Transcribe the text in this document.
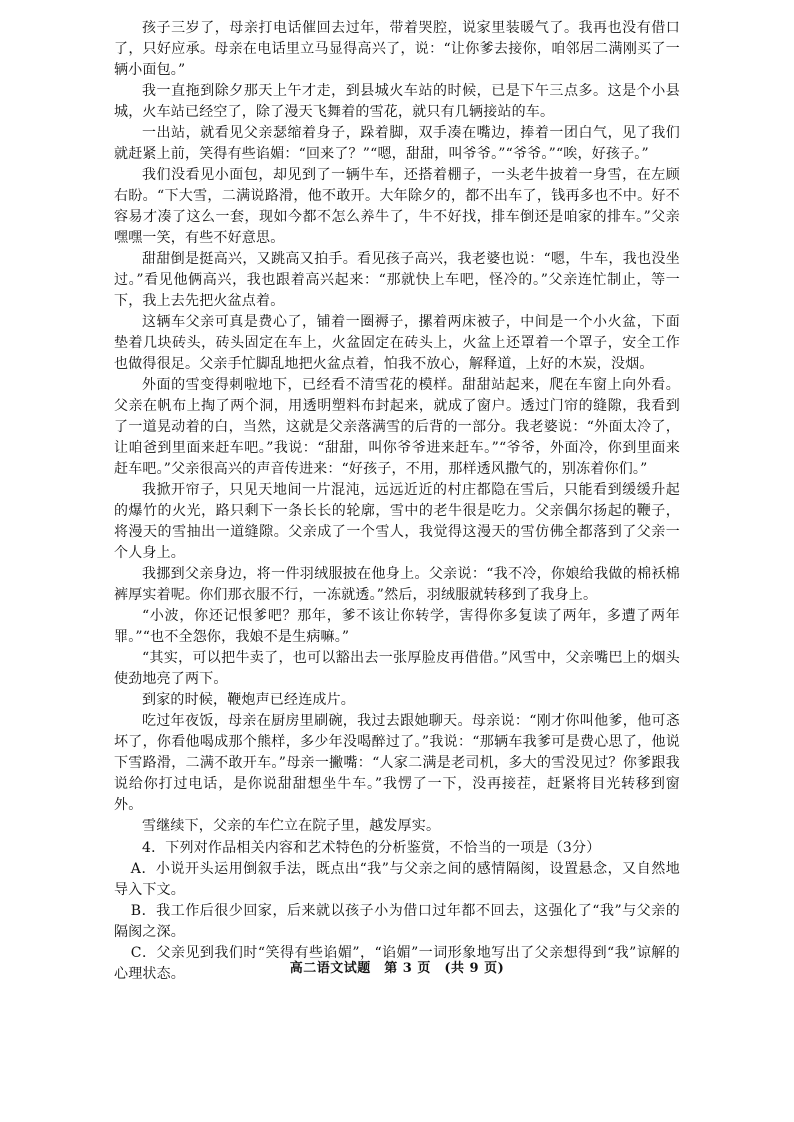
孩子三岁了，母亲打电话催回去过年，带着哭腔，说家里装暖气了。我再也没有借口了，只好应承。母亲在电话里立马显得高兴了，说：“让你爹去接你，咱邻居二满刚买了一辆小面包。”

我一直拖到除夕那天上午才走，到县城火车站的时候，已是下午三点多。这是个小县城，火车站已经空了，除了漫天飞舞着的雪花，就只有几辆接站的车。

一出站，就看见父亲瑟缩着身子，跺着脚，双手凑在嘴边，捧着一团白气，见了我们就赶紧上前，笑得有些谄媚：“回来了？”“嗯，甜甜，叫爷爷。”“爷爷。”“唉，好孩子。”

我们没看见小面包，却见到了一辆牛车，还搭着棚子，一头老牛披着一身雪，在左顾右盼。“下大雪，二满说路滑，他不敢开。大年除夕的，都不出车了，钱再多也不中。好不容易才凑了这么一套，现如今都不怎么养牛了，牛不好找，排车倒还是咱家的排车。”父亲嘿嘿一笑，有些不好意思。

甜甜倒是挺高兴，又跳高又拍手。看见孩子高兴，我老婆也说：“嗯，牛车，我也没坐过。”看见他俩高兴，我也跟着高兴起来：“那就快上车吧，怪冷的。”父亲连忙制止，等一下，我上去先把火盆点着。

这辆车父亲可真是费心了，铺着一圈褥子，摞着两床被子，中间是一个小火盆，下面垫着几块砖头，砖头固定在车上，火盆固定在砖头上，火盆上还罩着一个罩子，安全工作也做得很足。父亲手忙脚乱地把火盆点着，怕我不放心，解释道，上好的木炭，没烟。

外面的雪变得刺啦地下，已经看不清雪花的模样。甜甜站起来，爬在车窗上向外看。父亲在帆布上掏了两个洞，用透明塑料布封起来，就成了窗户。透过门帘的缝隙，我看到了一道晃动着的白，当然，这就是父亲落满雪的后背的一部分。我老婆说：“外面太冷了，让咱爸到里面来赶车吧。”我说：“甜甜，叫你爷爷进来赶车。”“爷爷，外面冷，你到里面来赶车吧。”父亲很高兴的声音传进来：“好孩子，不用，那样透风撒气的，别冻着你们。”

我掀开帘子，只见天地间一片混沌，远远近近的村庄都隐在雪后，只能看到缓缓升起的爆竹的火光，路只剩下一条长长的轮廓，雪中的老牛很是吃力。父亲偶尔扬起的鞭子，将漫天的雪抽出一道缝隙。父亲成了一个雪人，我觉得这漫天的雪仿佛全都落到了父亲一个人身上。

我挪到父亲身边，将一件羽绒服披在他身上。父亲说：“我不冷，你娘给我做的棉袄棉裤厚实着呢。你们那衣服不行，一冻就透。”然后，羽绒服就转移到了我身上。

“小波，你还记恨爹吧？那年，爹不该让你转学，害得你多复读了两年，多遭了两年罪。”“也不全怨你，我娘不是生病嘛。”

“其实，可以把牛卖了，也可以豁出去一张厚脸皮再借借。”风雪中，父亲嘴巴上的烟头使劲地亮了两下。

到家的时候，鞭炮声已经连成片。

吃过年夜饭，母亲在厨房里刷碗，我过去跟她聊天。母亲说：“刚才你叫他爹，他可忞坏了，你看他喝成那个熊样，多少年没喝醉过了。”我说：“那辆车我爹可是费心思了，他说下雪路滑，二满不敢开车。”母亲一撇嘴：“人家二满是老司机，多大的雪没见过？你爹跟我说给你打过电话，是你说甜甜想坐牛车。”我愣了一下，没再接茬，赶紧将目光转移到窗外。

雪继续下，父亲的车伫立在院子里，越发厚实。

4．下列对作品相关内容和艺术特色的分析鉴赏，不恰当的一项是（3分）

A．小说开头运用倒叙手法，既点出“我”与父亲之间的感情隔阂，设置悬念，又自然地导入下文。

B．我工作后很少回家，后来就以孩子小为借口过年都不回去，这强化了“我”与父亲的隔阂之深。

C．父亲见到我们时“笑得有些谄媚”，“谄媚”一词形象地写出了父亲想得到“我”谅解的心理状态。	高二语文试题　第 3 页　(共 9 页)
